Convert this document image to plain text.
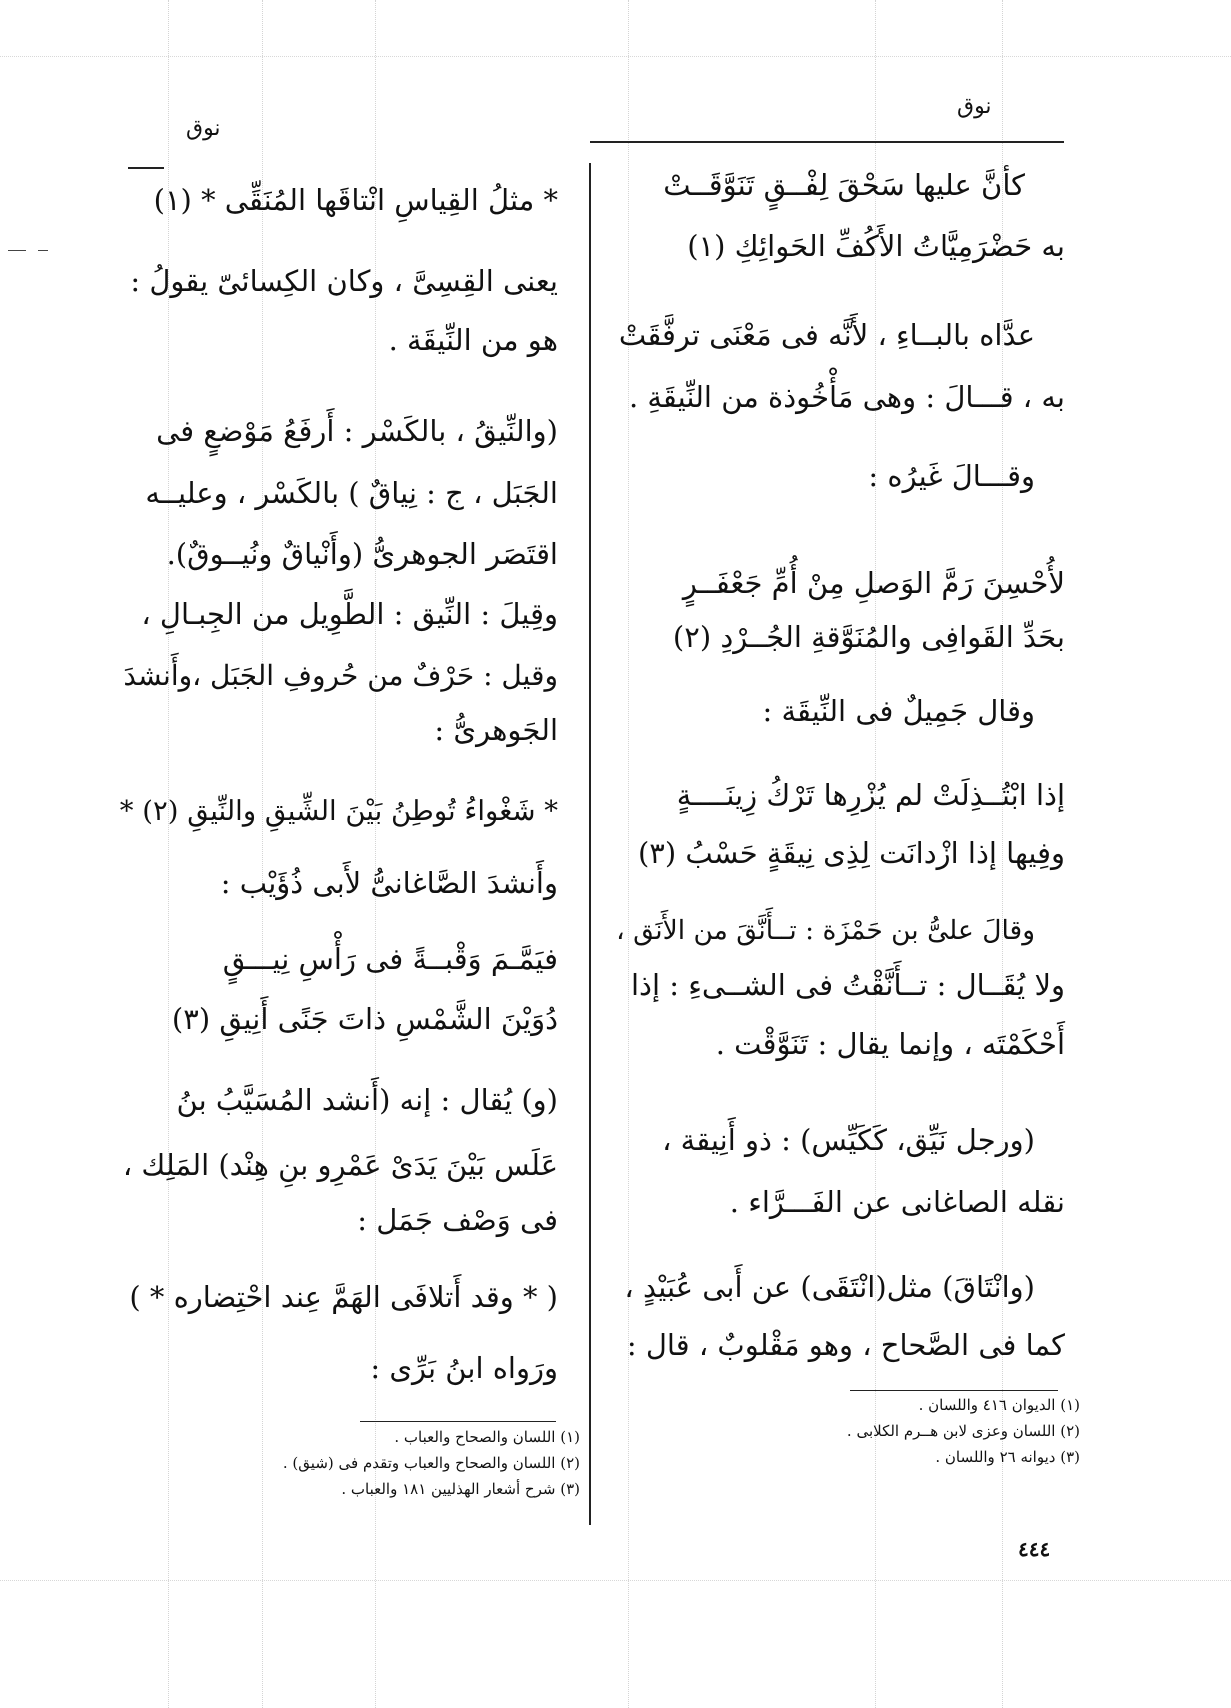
نوق
نوق
كأنَّ عليها سَحْقَ لِفْــقٍ تَنَوَّقَــتْ
به حَضْرَمِيَّاتُ الأَكُفِّ الحَوائِكِ (١)
عدَّاه بالبــاءِ ، لأَنَّه فى مَعْنَى ترفَّقَتْ
به ، قـــالَ : وهى مَأْخُوذة من النِّيقَةِ .
وقـــالَ غَيرُه :
لأُحْسِنَ رَمَّ الوَصلِ مِنْ أُمِّ جَعْفَــرٍ
بحَدِّ القَوافِى والمُنَوَّقةِ الجُــرْدِ (٢)
وقال جَمِيلٌ فى النِّيقَة :
إذا ابْتُــذِلَتْ لم يُزْرِها تَرْكُ زِينَــــةٍ
وفِيها إذا ازْدانَت لِذِى نِيقَةٍ حَسْبُ (٣)
وقالَ علىُّ بن حَمْزَة : تــأَنَّقَ من الأَنَق ،
ولا يُقَــال : تــأَنَّقْتُ فى الشــىءِ : إذا
أَحْكَمْتَه ، وإنما يقال : تَنَوَّقْت .
(ورجل نَيِّق، كَكَيِّس) : ذو أَنِيقة ،
نقله الصاغانى عن الفَـــرَّاء .
(وانْتَاقَ) مثل(انْتَقَى) عن أَبى عُبَيْدٍ ،
كما فى الصَّحاح ، وهو مَقْلوبٌ ، قال :
(١) الديوان ٤١٦ واللسان .
(٢) اللسان وعزى لابن هــرم الكلابى .
(٣) ديوانه ٢٦ واللسان .
٤٤٤
* مثلُ القِياسِ انْتاقَها المُنَقِّى * (١)
يعنى القِسِىَّ ، وكان الكِسائىّ يقولُ :
هو من النِّيقَة .
(والنِّيقُ ، بالكَسْر : أَرفَعُ مَوْضعٍ فى
الجَبَل ، ج : نِياقٌ ) بالكَسْر ، وعليــه
اقتَصَر الجوهرىُّ (وأَنْياقٌ ونُيــوقٌ).
وقِيلَ : النِّيق : الطَّوِيل من الجِبـالِ ،
وقيل : حَرْفٌ من حُروفِ الجَبَل ،وأَنشدَ
الجَوهرىُّ :
* شَغْواءُ تُوطِنُ بَيْنَ الشِّيقِ والنِّيقِ (٢) *
وأَنشدَ الصَّاغانىُّ لأَبى ذُؤَيْب :
فيَمَّـمَ وَقْبــةً فى رَأْسِ نِيـــقٍ
دُوَيْنَ الشَّمْسِ ذاتَ جَنًى أَنِيقِ (٣)
(و) يُقال : إنه (أَنشد المُسَيَّبُ بنُ
عَلَس بَيْنَ يَدَىْ عَمْرِو بنِ هِنْد) المَلِك ،
فى وَصْف جَمَل :
( * وقد أَتلافَى الهَمَّ عِند احْتِضاره * )
ورَواه ابنُ بَرِّى :
(١) اللسان والصحاح والعباب .
(٢) اللسان والصحاح والعباب وتقدم فى (شيق) .
(٣) شرح أشعار الهذليين ١٨١ والعباب .
